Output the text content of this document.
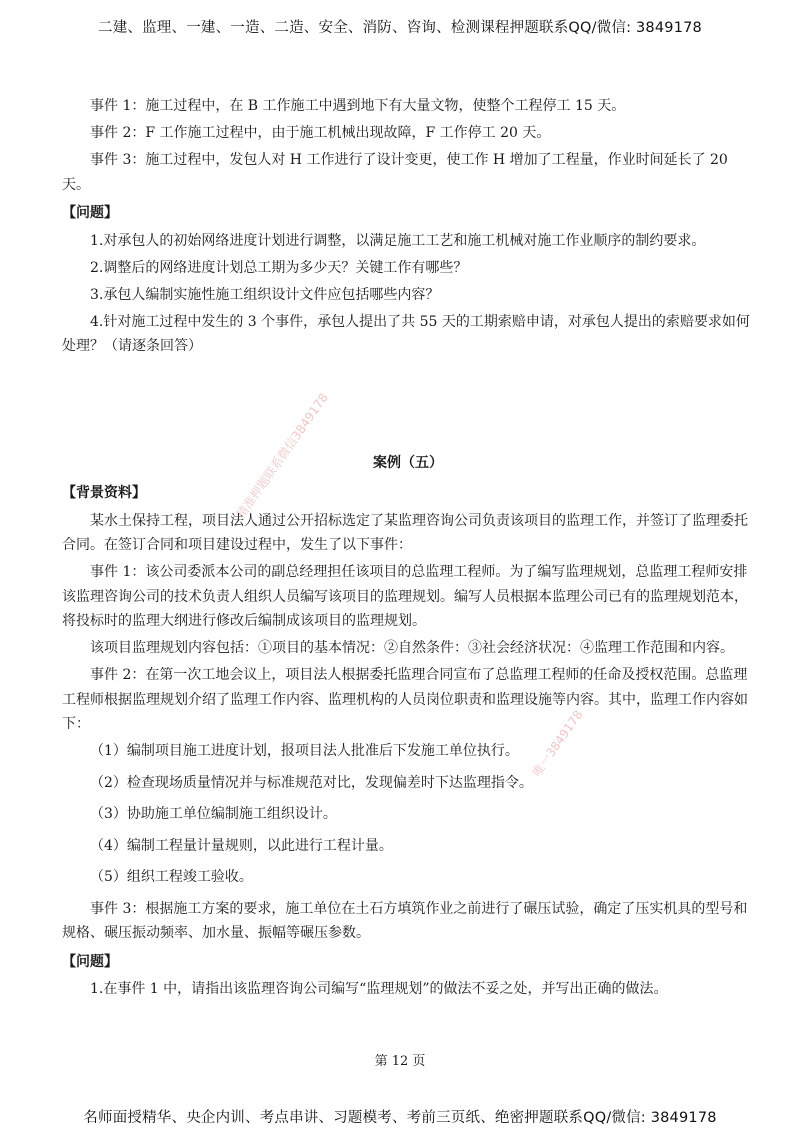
二建、监理、一建、一造、二造、安全、消防、咨询、检测课程押题联系QQ/微信: 3849178
精准押题联系微信3849178
唯一3849178

事件 1：施工过程中，在 B 工作施工中遇到地下有大量文物，使整个工程停工 15 天。

事件 2：F 工作施工过程中，由于施工机械出现故障，F 工作停工 20 天。

事件 3：施工过程中，发包人对 H 工作进行了设计变更，使工作 H 增加了工程量，作业时间延长了 20 天。

【问题】

1.对承包人的初始网络进度计划进行调整，以满足施工工艺和施工机械对施工作业顺序的制约要求。

2.调整后的网络进度计划总工期为多少天？关键工作有哪些？

3.承包人编制实施性施工组织设计文件应包括哪些内容？

4.针对施工过程中发生的 3 个事件，承包人提出了共 55 天的工期索赔申请，对承包人提出的索赔要求如何处理？（请逐条回答）

案例（五）

【背景资料】

某水土保持工程，项目法人通过公开招标选定了某监理咨询公司负责该项目的监理工作，并签订了监理委托合同。在签订合同和项目建设过程中，发生了以下事件：

事件 1：该公司委派本公司的副总经理担任该项目的总监理工程师。为了编写监理规划，总监理工程师安排该监理咨询公司的技术负责人组织人员编写该项目的监理规划。编写人员根据本监理公司已有的监理规划范本，将投标时的监理大纲进行修改后编制成该项目的监理规划。

该项目监理规划内容包括：①项目的基本情况：②自然条件：③社会经济状况：④监理工作范围和内容。

事件 2：在第一次工地会议上，项目法人根据委托监理合同宣布了总监理工程师的任命及授权范围。总监理工程师根据监理规划介绍了监理工作内容、监理机构的人员岗位职责和监理设施等内容。其中，监理工作内容如下：

（1）编制项目施工进度计划，报项目法人批准后下发施工单位执行。

（2）检查现场质量情况并与标准规范对比，发现偏差时下达监理指令。

（3）协助施工单位编制施工组织设计。

（4）编制工程量计量规则，以此进行工程计量。

（5）组织工程竣工验收。

事件 3：根据施工方案的要求，施工单位在土石方填筑作业之前进行了碾压试验，确定了压实机具的型号和规格、碾压振动频率、加水量、振幅等碾压参数。

【问题】

1.在事件 1 中，请指出该监理咨询公司编写“监理规划”的做法不妥之处，并写出正确的做法。

第 12 页
名师面授精华、央企内训、考点串讲、习题模考、考前三页纸、绝密押题联系QQ/微信: 3849178
